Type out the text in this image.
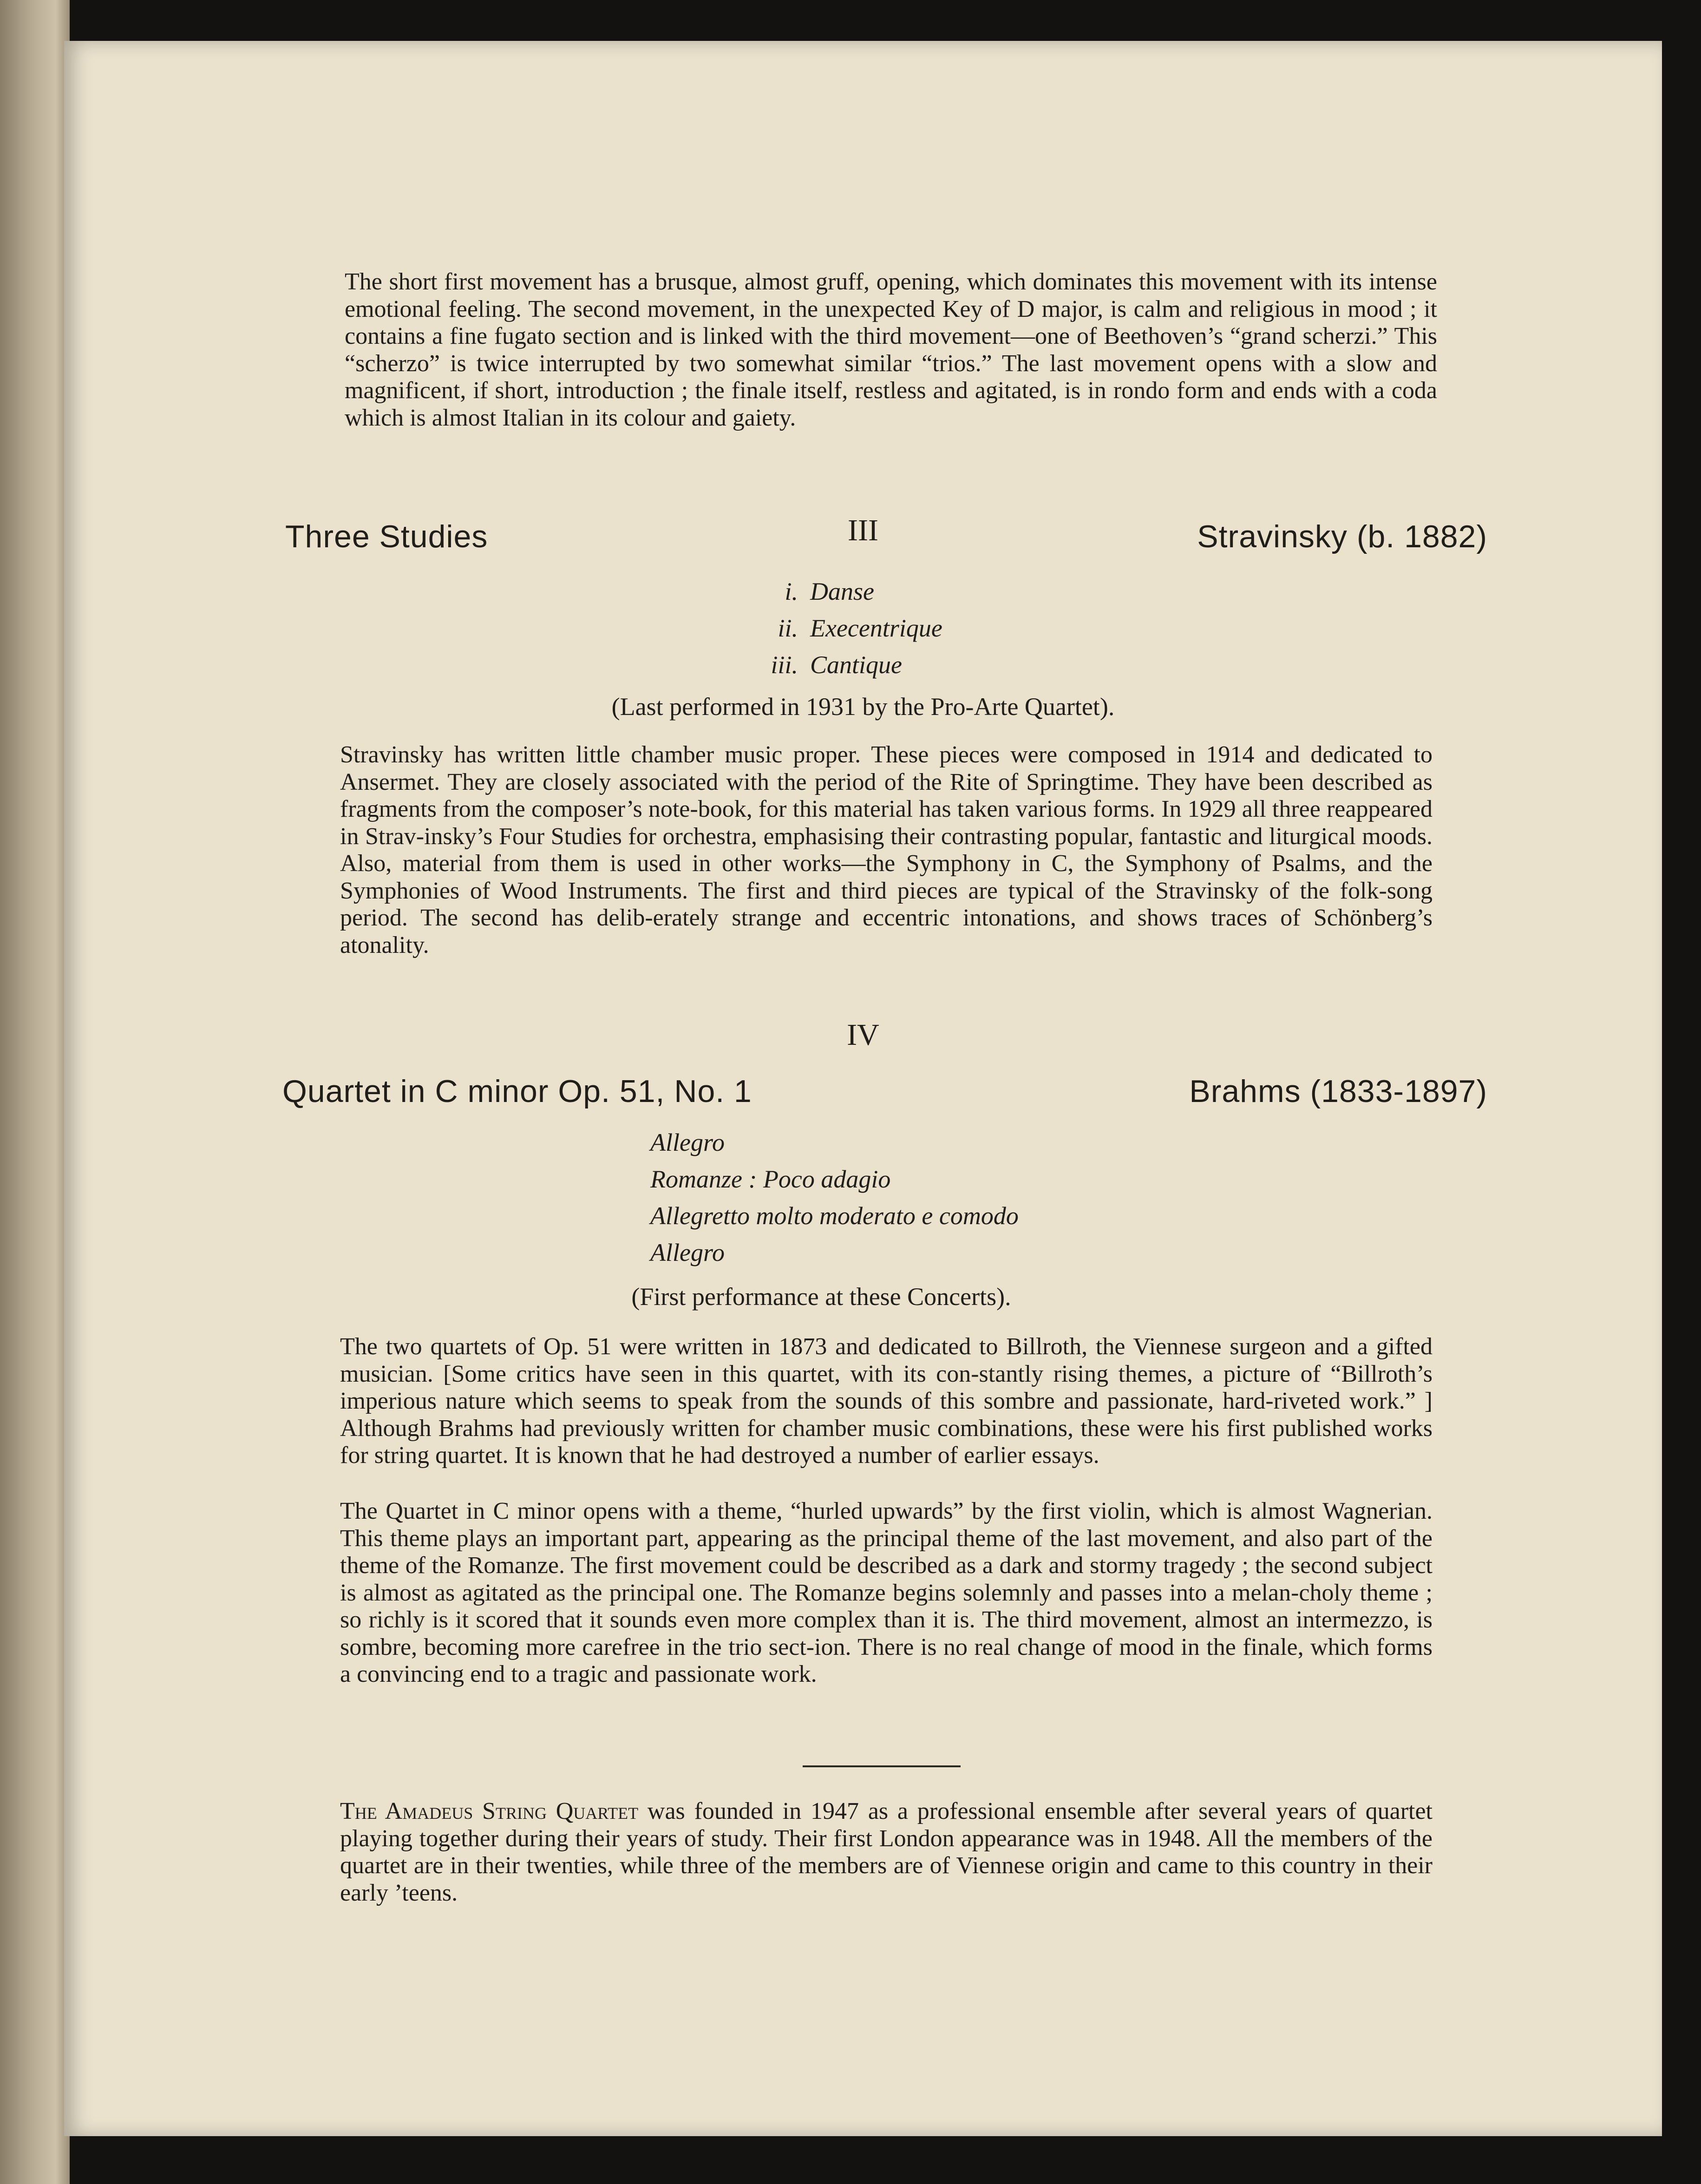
The short first movement has a brusque, almost gruff, opening, which dominates this movement with its intense emotional feeling. The second movement, in the unexpected Key of D major, is calm and religious in mood ; it contains a fine fugato section and is linked with the third movement—one of Beethoven’s “grand scherzi.” This “scherzo” is twice interrupted by two somewhat similar “trios.” The last movement opens with a slow and magnificent, if short, introduction ; the finale itself, restless and agitated, is in rondo form and ends with a coda which is almost Italian in its colour and gaiety.

III
Three Studies	Stravinsky (b. 1882)
i. Danse
ii. Execentrique
iii. Cantique
(Last performed in 1931 by the Pro-Arte Quartet).

Stravinsky has written little chamber music proper. These pieces were composed in 1914 and dedicated to Ansermet. They are closely associated with the period of the Rite of Springtime. They have been described as fragments from the composer’s note-book, for this material has taken various forms. In 1929 all three reappeared in Strav-insky’s Four Studies for orchestra, emphasising their contrasting popular, fantastic and liturgical moods. Also, material from them is used in other works—the Symphony in C, the Symphony of Psalms, and the Symphonies of Wood Instruments. The first and third pieces are typical of the Stravinsky of the folk-song period. The second has delib-erately strange and eccentric intonations, and shows traces of Schönberg’s atonality.

IV
Quartet in C minor Op. 51, No. 1	Brahms (1833-1897)
Allegro
Romanze : Poco adagio
Allegretto molto moderato e comodo
Allegro
(First performance at these Concerts).

The two quartets of Op. 51 were written in 1873 and dedicated to Billroth, the Viennese surgeon and a gifted musician. [Some critics have seen in this quartet, with its con-stantly rising themes, a picture of “Billroth’s imperious nature which seems to speak from the sounds of this sombre and passionate, hard-riveted work.” ] Although Brahms had previously written for chamber music combinations, these were his first published works for string quartet. It is known that he had destroyed a number of earlier essays.

The Quartet in C minor opens with a theme, “hurled upwards” by the first violin, which is almost Wagnerian. This theme plays an important part, appearing as the principal theme of the last movement, and also part of the theme of the Romanze. The first movement could be described as a dark and stormy tragedy ; the second subject is almost as agitated as the principal one. The Romanze begins solemnly and passes into a melan-choly theme ; so richly is it scored that it sounds even more complex than it is. The third movement, almost an intermezzo, is sombre, becoming more carefree in the trio sect-ion. There is no real change of mood in the finale, which forms a convincing end to a tragic and passionate work.

The Amadeus String Quartet was founded in 1947 as a professional ensemble after several years of quartet playing together during their years of study. Their first London appearance was in 1948. All the members of the quartet are in their twenties, while three of the members are of Viennese origin and came to this country in their early ’teens.
